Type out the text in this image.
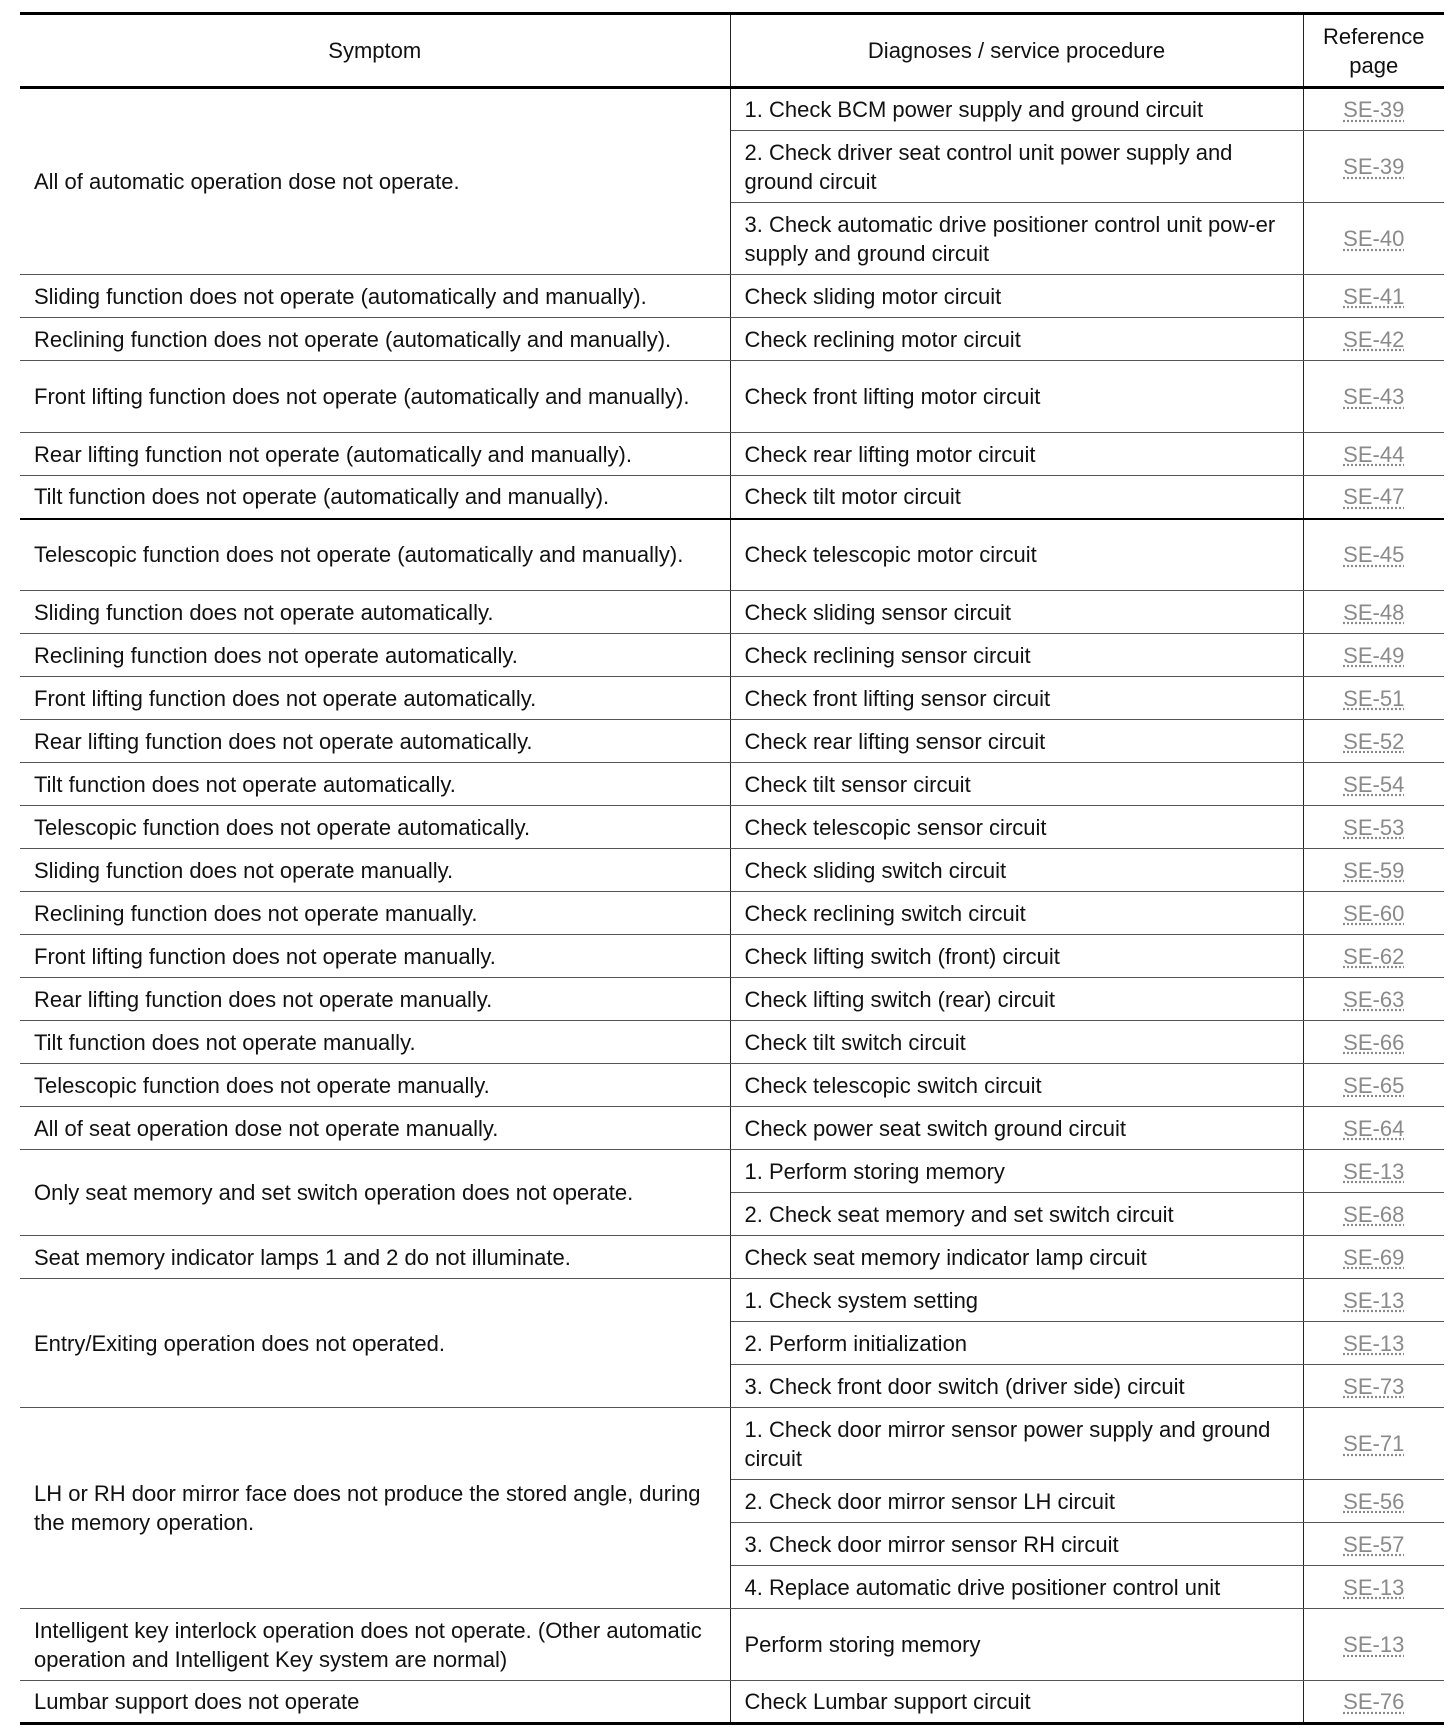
Symptom	Diagnoses / service procedure	Reference page
All of automatic operation dose not operate.	1. Check BCM power supply and ground circuit	SE-39
	2. Check driver seat control unit power supply and ground circuit	SE-39
	3. Check automatic drive positioner control unit pow-er supply and ground circuit	SE-40
Sliding function does not operate (automatically and manually).	Check sliding motor circuit	SE-41
Reclining function does not operate (automatically and manually).	Check reclining motor circuit	SE-42
Front lifting function does not operate (automatically and manually).	Check front lifting motor circuit	SE-43
Rear lifting function not operate (automatically and manually).	Check rear lifting motor circuit	SE-44
Tilt function does not operate (automatically and manually).	Check tilt motor circuit	SE-47
Telescopic function does not operate (automatically and manually).	Check telescopic motor circuit	SE-45
Sliding function does not operate automatically.	Check sliding sensor circuit	SE-48
Reclining function does not operate automatically.	Check reclining sensor circuit	SE-49
Front lifting function does not operate automatically.	Check front lifting sensor circuit	SE-51
Rear lifting function does not operate automatically.	Check rear lifting sensor circuit	SE-52
Tilt function does not operate automatically.	Check tilt sensor circuit	SE-54
Telescopic function does not operate automatically.	Check telescopic sensor circuit	SE-53
Sliding function does not operate manually.	Check sliding switch circuit	SE-59
Reclining function does not operate manually.	Check reclining switch circuit	SE-60
Front lifting function does not operate manually.	Check lifting switch (front) circuit	SE-62
Rear lifting function does not operate manually.	Check lifting switch (rear) circuit	SE-63
Tilt function does not operate manually.	Check tilt switch circuit	SE-66
Telescopic function does not operate manually.	Check telescopic switch circuit	SE-65
All of seat operation dose not operate manually.	Check power seat switch ground circuit	SE-64
Only seat memory and set switch operation does not operate.	1. Perform storing memory	SE-13
	2. Check seat memory and set switch circuit	SE-68
Seat memory indicator lamps 1 and 2 do not illuminate.	Check seat memory indicator lamp circuit	SE-69
Entry/Exiting operation does not operated.	1. Check system setting	SE-13
	2. Perform initialization	SE-13
	3. Check front door switch (driver side) circuit	SE-73
LH or RH door mirror face does not produce the stored angle, during the memory operation.	1. Check door mirror sensor power supply and ground circuit	SE-71
	2. Check door mirror sensor LH circuit	SE-56
	3. Check door mirror sensor RH circuit	SE-57
	4. Replace automatic drive positioner control unit	SE-13
Intelligent key interlock operation does not operate. (Other automatic operation and Intelligent Key system are normal)	Perform storing memory	SE-13
Lumbar support does not operate	Check Lumbar support circuit	SE-76
